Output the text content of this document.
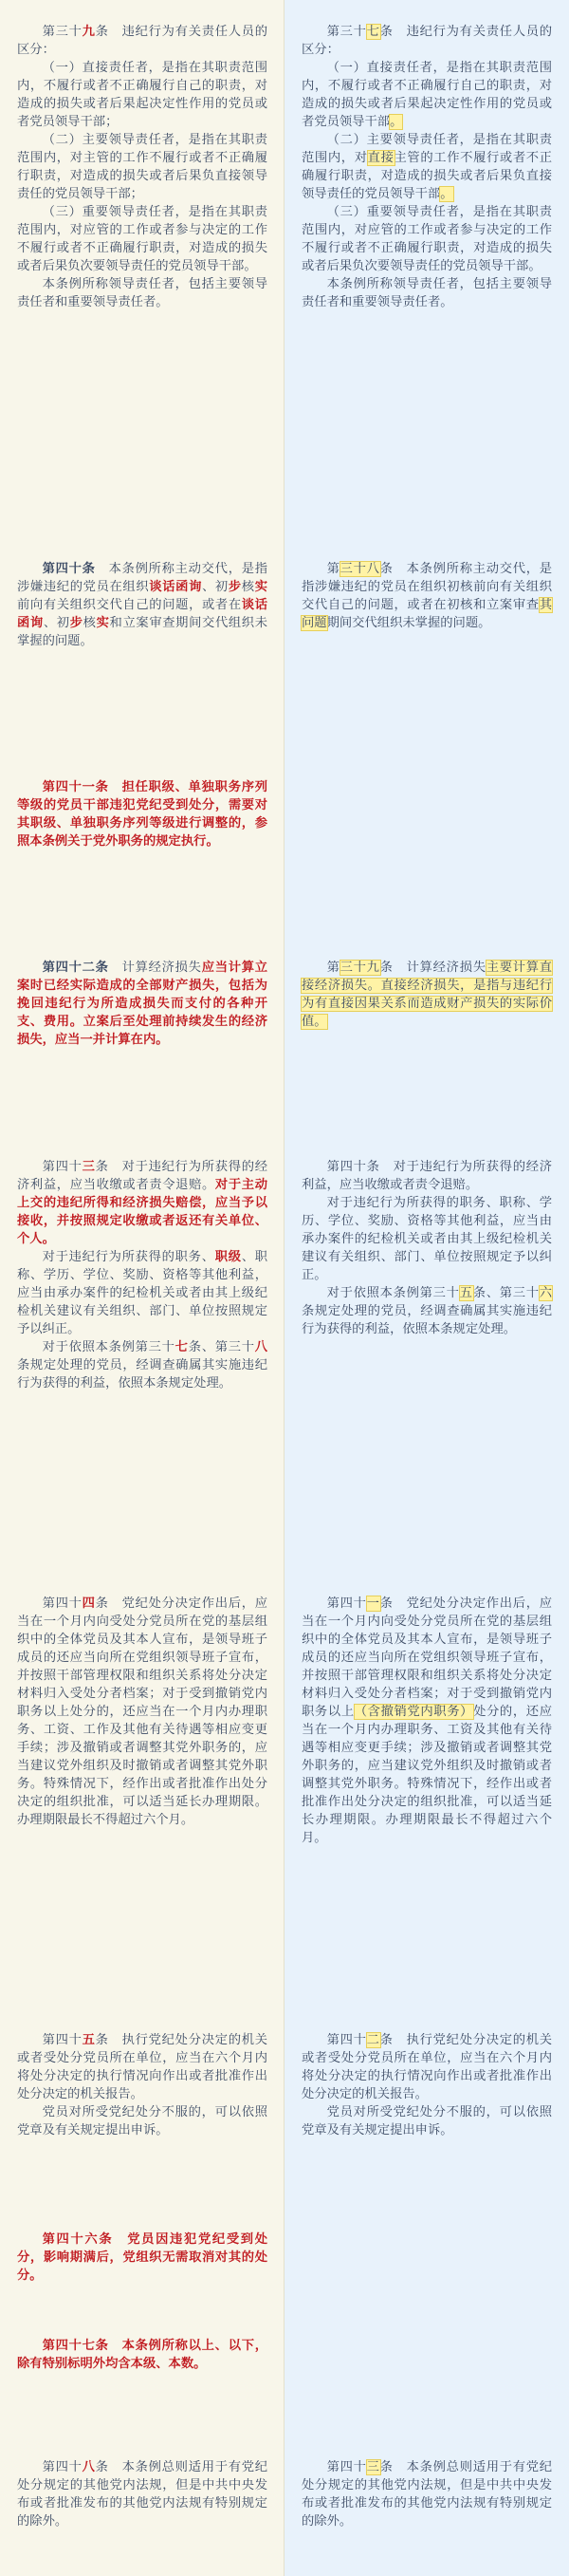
第三十九条　违纪行为有关责任人员的区分：

（一）直接责任者，是指在其职责范围内，不履行或者不正确履行自己的职责，对造成的损失或者后果起决定性作用的党员或者党员领导干部；

（二）主要领导责任者，是指在其职责范围内，对主管的工作不履行或者不正确履行职责，对造成的损失或者后果负直接领导责任的党员领导干部；

（三）重要领导责任者，是指在其职责范围内，对应管的工作或者参与决定的工作不履行或者不正确履行职责，对造成的损失或者后果负次要领导责任的党员领导干部。

本条例所称领导责任者，包括主要领导责任者和重要领导责任者。

第四十条　本条例所称主动交代，是指涉嫌违纪的党员在组织谈话函询、初步核实前向有关组织交代自己的问题，或者在谈话函询、初步核实和立案审查期间交代组织未掌握的问题。

第四十一条　担任职级、单独职务序列等级的党员干部违犯党纪受到处分，需要对其职级、单独职务序列等级进行调整的，参照本条例关于党外职务的规定执行。

第四十二条　计算经济损失应当计算立案时已经实际造成的全部财产损失，包括为挽回违纪行为所造成损失而支付的各种开支、费用。立案后至处理前持续发生的经济损失，应当一并计算在内。

第四十三条　对于违纪行为所获得的经济利益，应当收缴或者责令退赔。对于主动上交的违纪所得和经济损失赔偿，应当予以接收，并按照规定收缴或者返还有关单位、个人。

对于违纪行为所获得的职务、职级、职称、学历、学位、奖励、资格等其他利益，应当由承办案件的纪检机关或者由其上级纪检机关建议有关组织、部门、单位按照规定予以纠正。

对于依照本条例第三十七条、第三十八条规定处理的党员，经调查确属其实施违纪行为获得的利益，依照本条规定处理。

第四十四条　党纪处分决定作出后，应当在一个月内向受处分党员所在党的基层组织中的全体党员及其本人宣布，是领导班子成员的还应当向所在党组织领导班子宣布，并按照干部管理权限和组织关系将处分决定材料归入受处分者档案；对于受到撤销党内职务以上处分的，还应当在一个月内办理职务、工资、工作及其他有关待遇等相应变更手续；涉及撤销或者调整其党外职务的，应当建议党外组织及时撤销或者调整其党外职务。特殊情况下，经作出或者批准作出处分决定的组织批准，可以适当延长办理期限。办理期限最长不得超过六个月。

第四十五条　执行党纪处分决定的机关或者受处分党员所在单位，应当在六个月内将处分决定的执行情况向作出或者批准作出处分决定的机关报告。

党员对所受党纪处分不服的，可以依照党章及有关规定提出申诉。

第四十六条　党员因违犯党纪受到处分，影响期满后，党组织无需取消对其的处分。

第四十七条　本条例所称以上、以下，除有特别标明外均含本级、本数。

第四十八条　本条例总则适用于有党纪处分规定的其他党内法规，但是中共中央发布或者批准发布的其他党内法规有特别规定的除外。

第三十七条　违纪行为有关责任人员的区分：

（一）直接责任者，是指在其职责范围内，不履行或者不正确履行自己的职责，对造成的损失或者后果起决定性作用的党员或者党员领导干部。

（二）主要领导责任者，是指在其职责范围内，对直接主管的工作不履行或者不正确履行职责，对造成的损失或者后果负直接领导责任的党员领导干部。

（三）重要领导责任者，是指在其职责范围内，对应管的工作或者参与决定的工作不履行或者不正确履行职责，对造成的损失或者后果负次要领导责任的党员领导干部。

本条例所称领导责任者，包括主要领导责任者和重要领导责任者。

第三十八条　本条例所称主动交代，是指涉嫌违纪的党员在组织初核前向有关组织交代自己的问题，或者在初核和立案审查其问题期间交代组织未掌握的问题。

第三十九条　计算经济损失主要计算直接经济损失。直接经济损失，是指与违纪行为有直接因果关系而造成财产损失的实际价值。

第四十条　对于违纪行为所获得的经济利益，应当收缴或者责令退赔。

对于违纪行为所获得的职务、职称、学历、学位、奖励、资格等其他利益，应当由承办案件的纪检机关或者由其上级纪检机关建议有关组织、部门、单位按照规定予以纠正。

对于依照本条例第三十五条、第三十六条规定处理的党员，经调查确属其实施违纪行为获得的利益，依照本条规定处理。

第四十一条　党纪处分决定作出后，应当在一个月内向受处分党员所在党的基层组织中的全体党员及其本人宣布，是领导班子成员的还应当向所在党组织领导班子宣布，并按照干部管理权限和组织关系将处分决定材料归入受处分者档案；对于受到撤销党内职务以上（含撤销党内职务）处分的，还应当在一个月内办理职务、工资及其他有关待遇等相应变更手续；涉及撤销或者调整其党外职务的，应当建议党外组织及时撤销或者调整其党外职务。特殊情况下，经作出或者批准作出处分决定的组织批准，可以适当延长办理期限。办理期限最长不得超过六个月。

第四十二条　执行党纪处分决定的机关或者受处分党员所在单位，应当在六个月内将处分决定的执行情况向作出或者批准作出处分决定的机关报告。

党员对所受党纪处分不服的，可以依照党章及有关规定提出申诉。

第四十三条　本条例总则适用于有党纪处分规定的其他党内法规，但是中共中央发布或者批准发布的其他党内法规有特别规定的除外。
